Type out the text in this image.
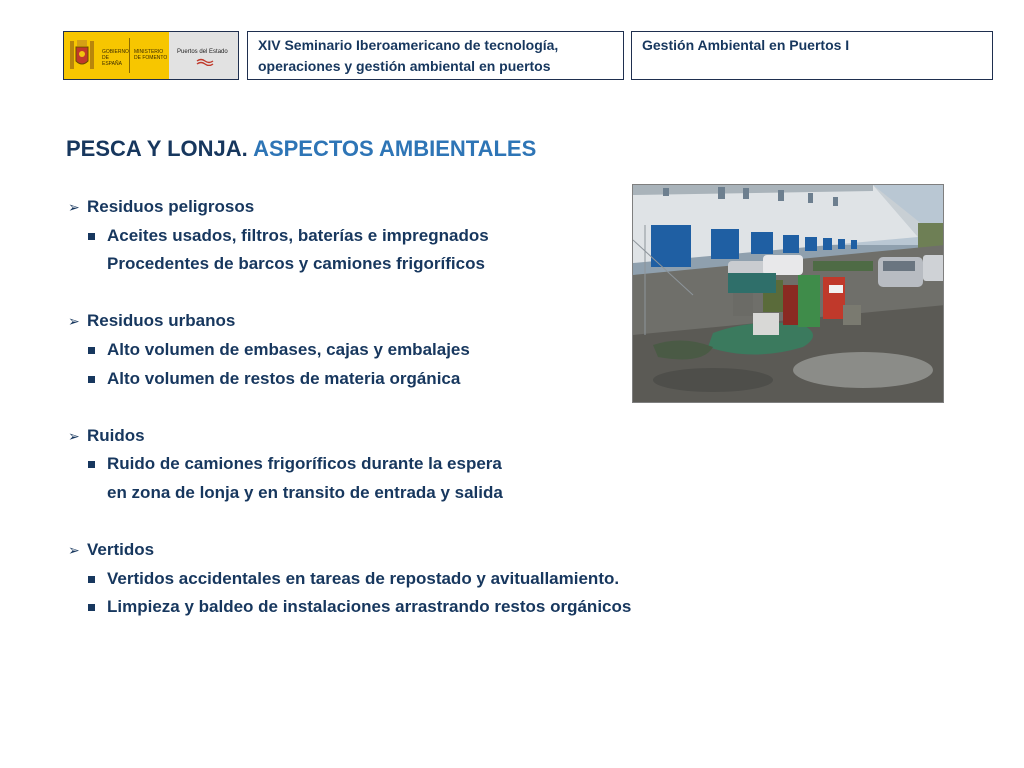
GOBIERNO DE ESPAÑA
MINISTERIO DE FOMENTO
Puertos del Estado XIV Seminario Iberoamericano de tecnología,
operaciones y gestión ambiental en puertos
Gestión Ambiental en Puertos I
PESCA Y LONJA. ASPECTOS AMBIENTALES
➢ Residuos peligrosos
Aceites usados, filtros, baterías e impregnados
Procedentes de barcos y camiones frigoríficos
➢ Residuos urbanos
Alto volumen de embases, cajas y embalajes
Alto volumen de restos de materia orgánica
➢ Ruidos
Ruido de camiones frigoríficos durante la espera
en zona de lonja y en transito de entrada y salida
➢ Vertidos
Vertidos accidentales en tareas de repostado y avituallamiento.
Limpieza y baldeo de instalaciones arrastrando restos orgánicos
